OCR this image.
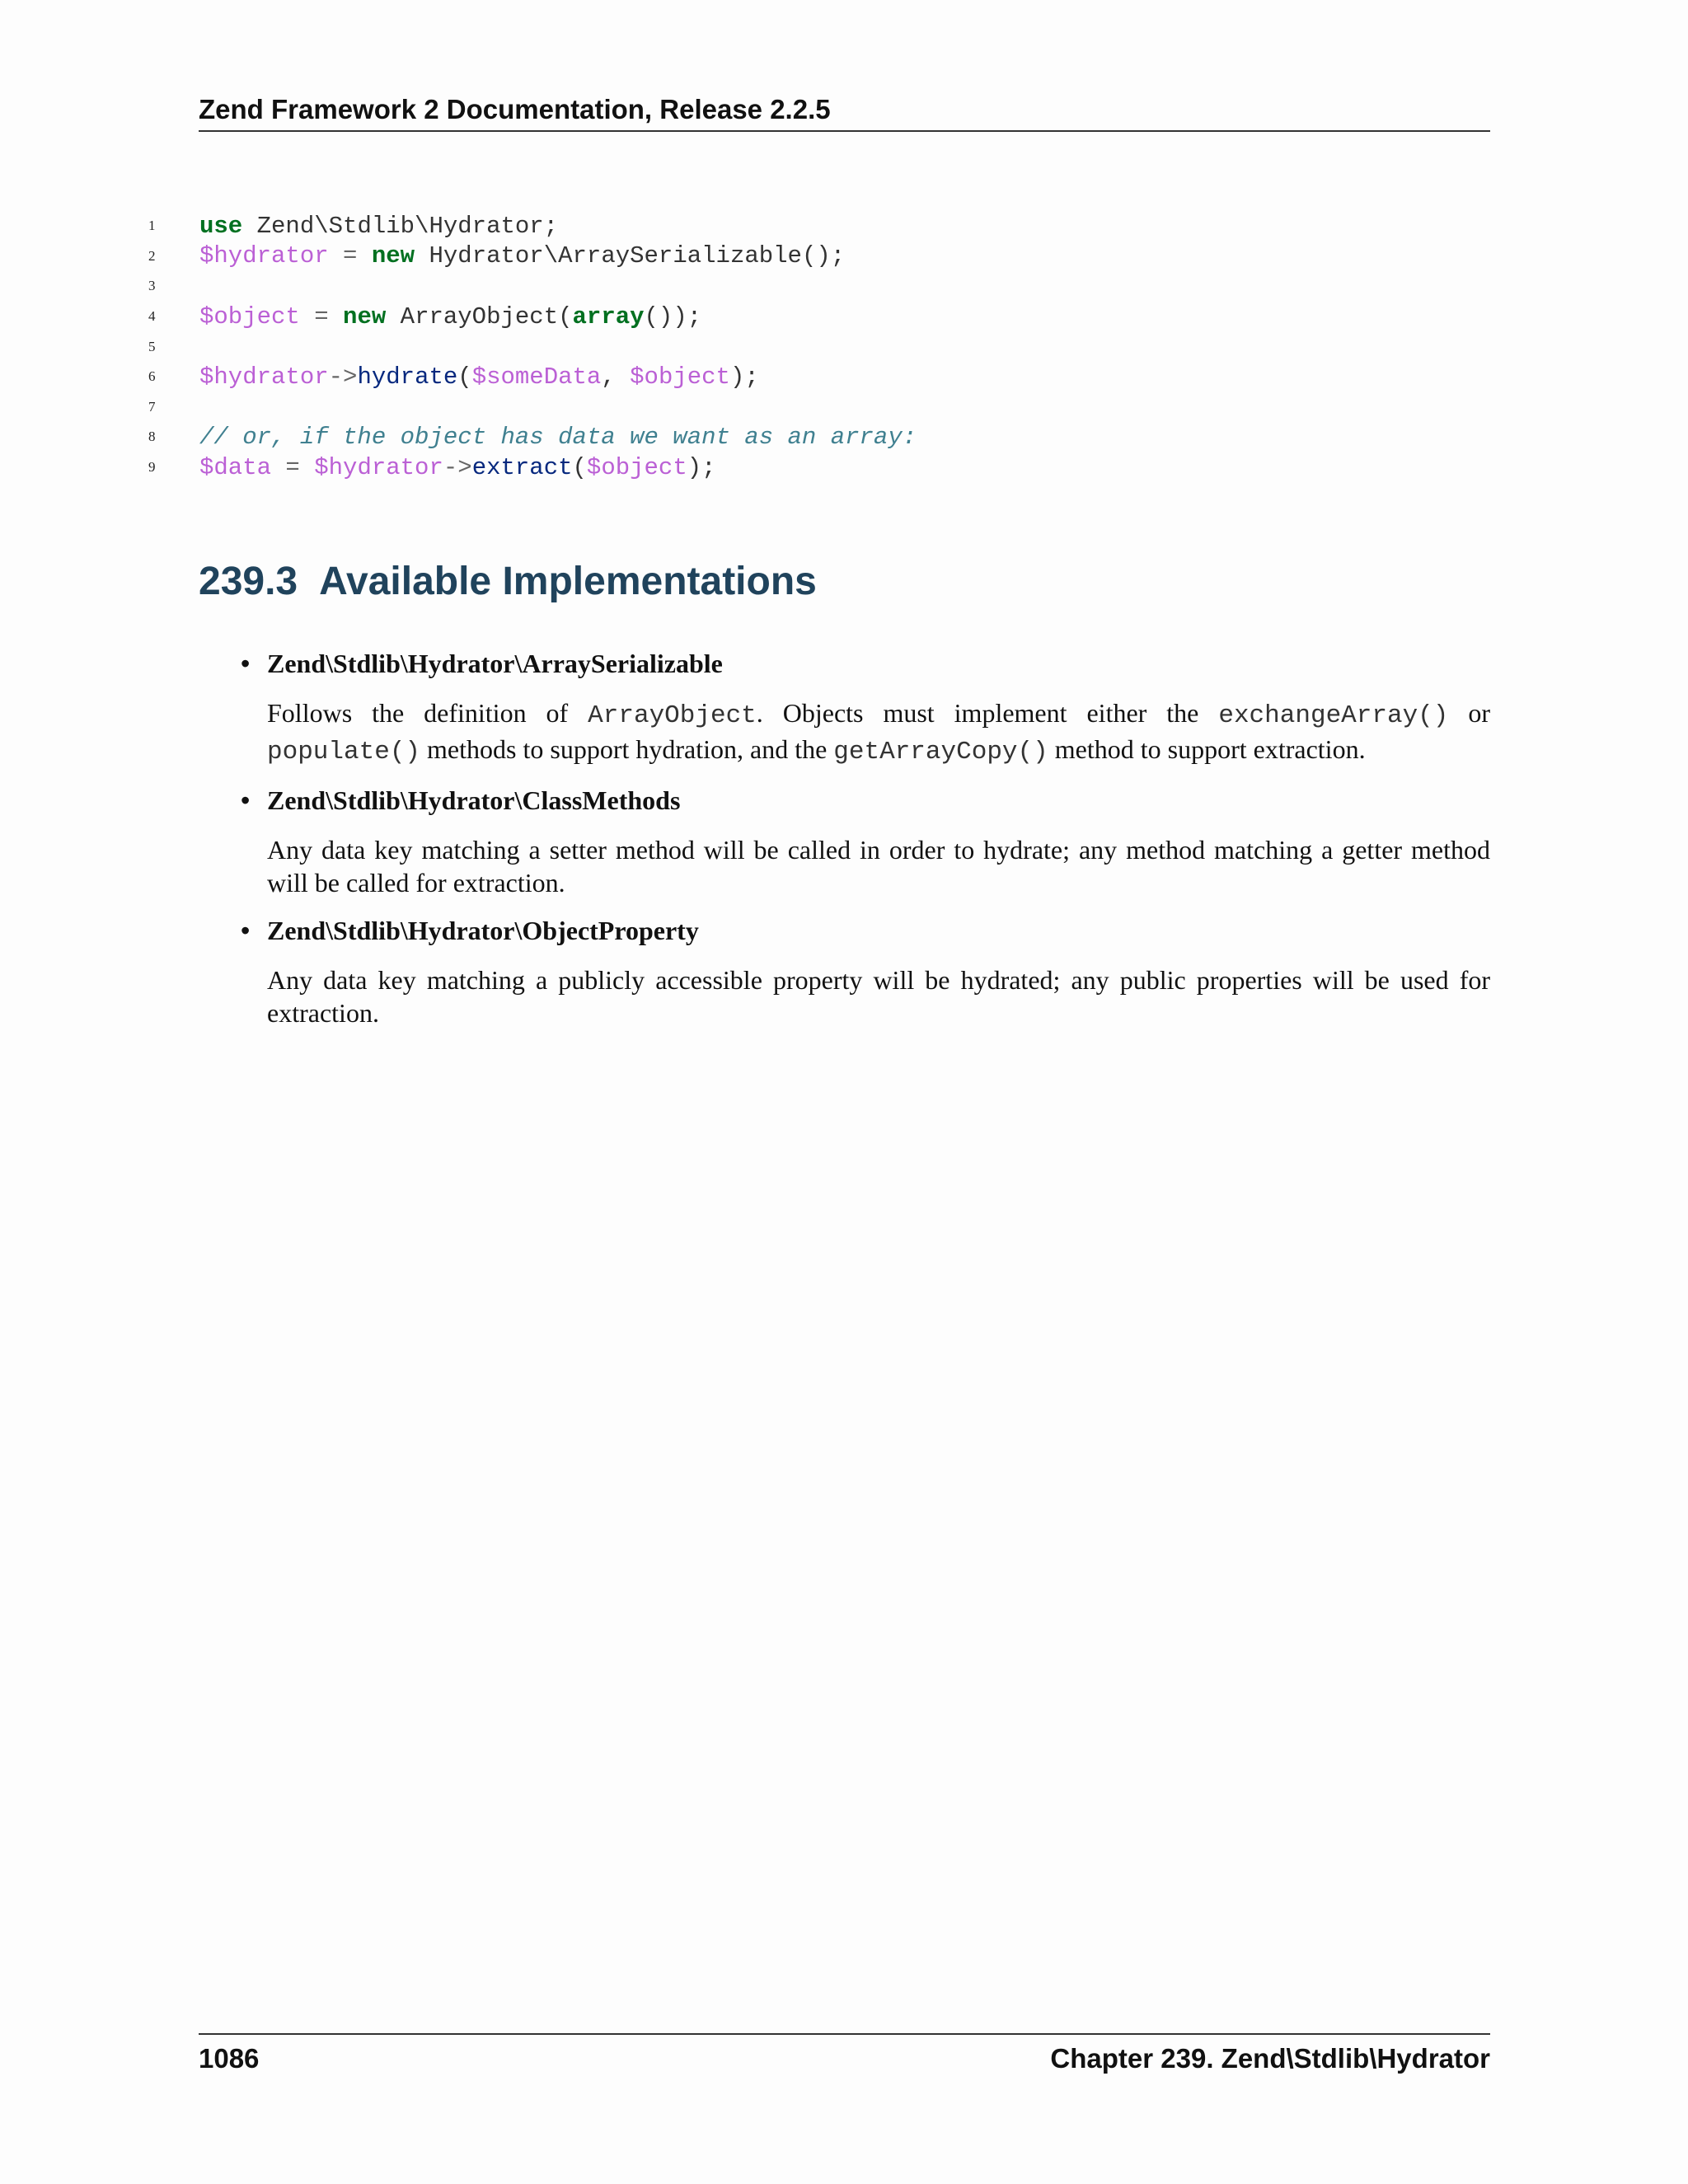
Zend Framework 2 Documentation, Release 2.2.5
1	use Zend\Stdlib\Hydrator;
2	$hydrator = new Hydrator\ArraySerializable();
3
4	$object = new ArrayObject(array());
5
6	$hydrator->hydrate($someData, $object);
7
8	// or, if the object has data we want as an array:
9	$data = $hydrator->extract($object);
239.3 Available Implementations
• Zend\Stdlib\Hydrator\ArraySerializable
Follows the definition of ArrayObject. Objects must implement either the exchangeArray() or populate() methods to support hydration, and the getArrayCopy() method to support extraction.
• Zend\Stdlib\Hydrator\ClassMethods
Any data key matching a setter method will be called in order to hydrate; any method matching a getter method will be called for extraction.
• Zend\Stdlib\Hydrator\ObjectProperty
Any data key matching a publicly accessible property will be hydrated; any public properties will be used for extraction.
1086	Chapter 239. Zend\Stdlib\Hydrator
